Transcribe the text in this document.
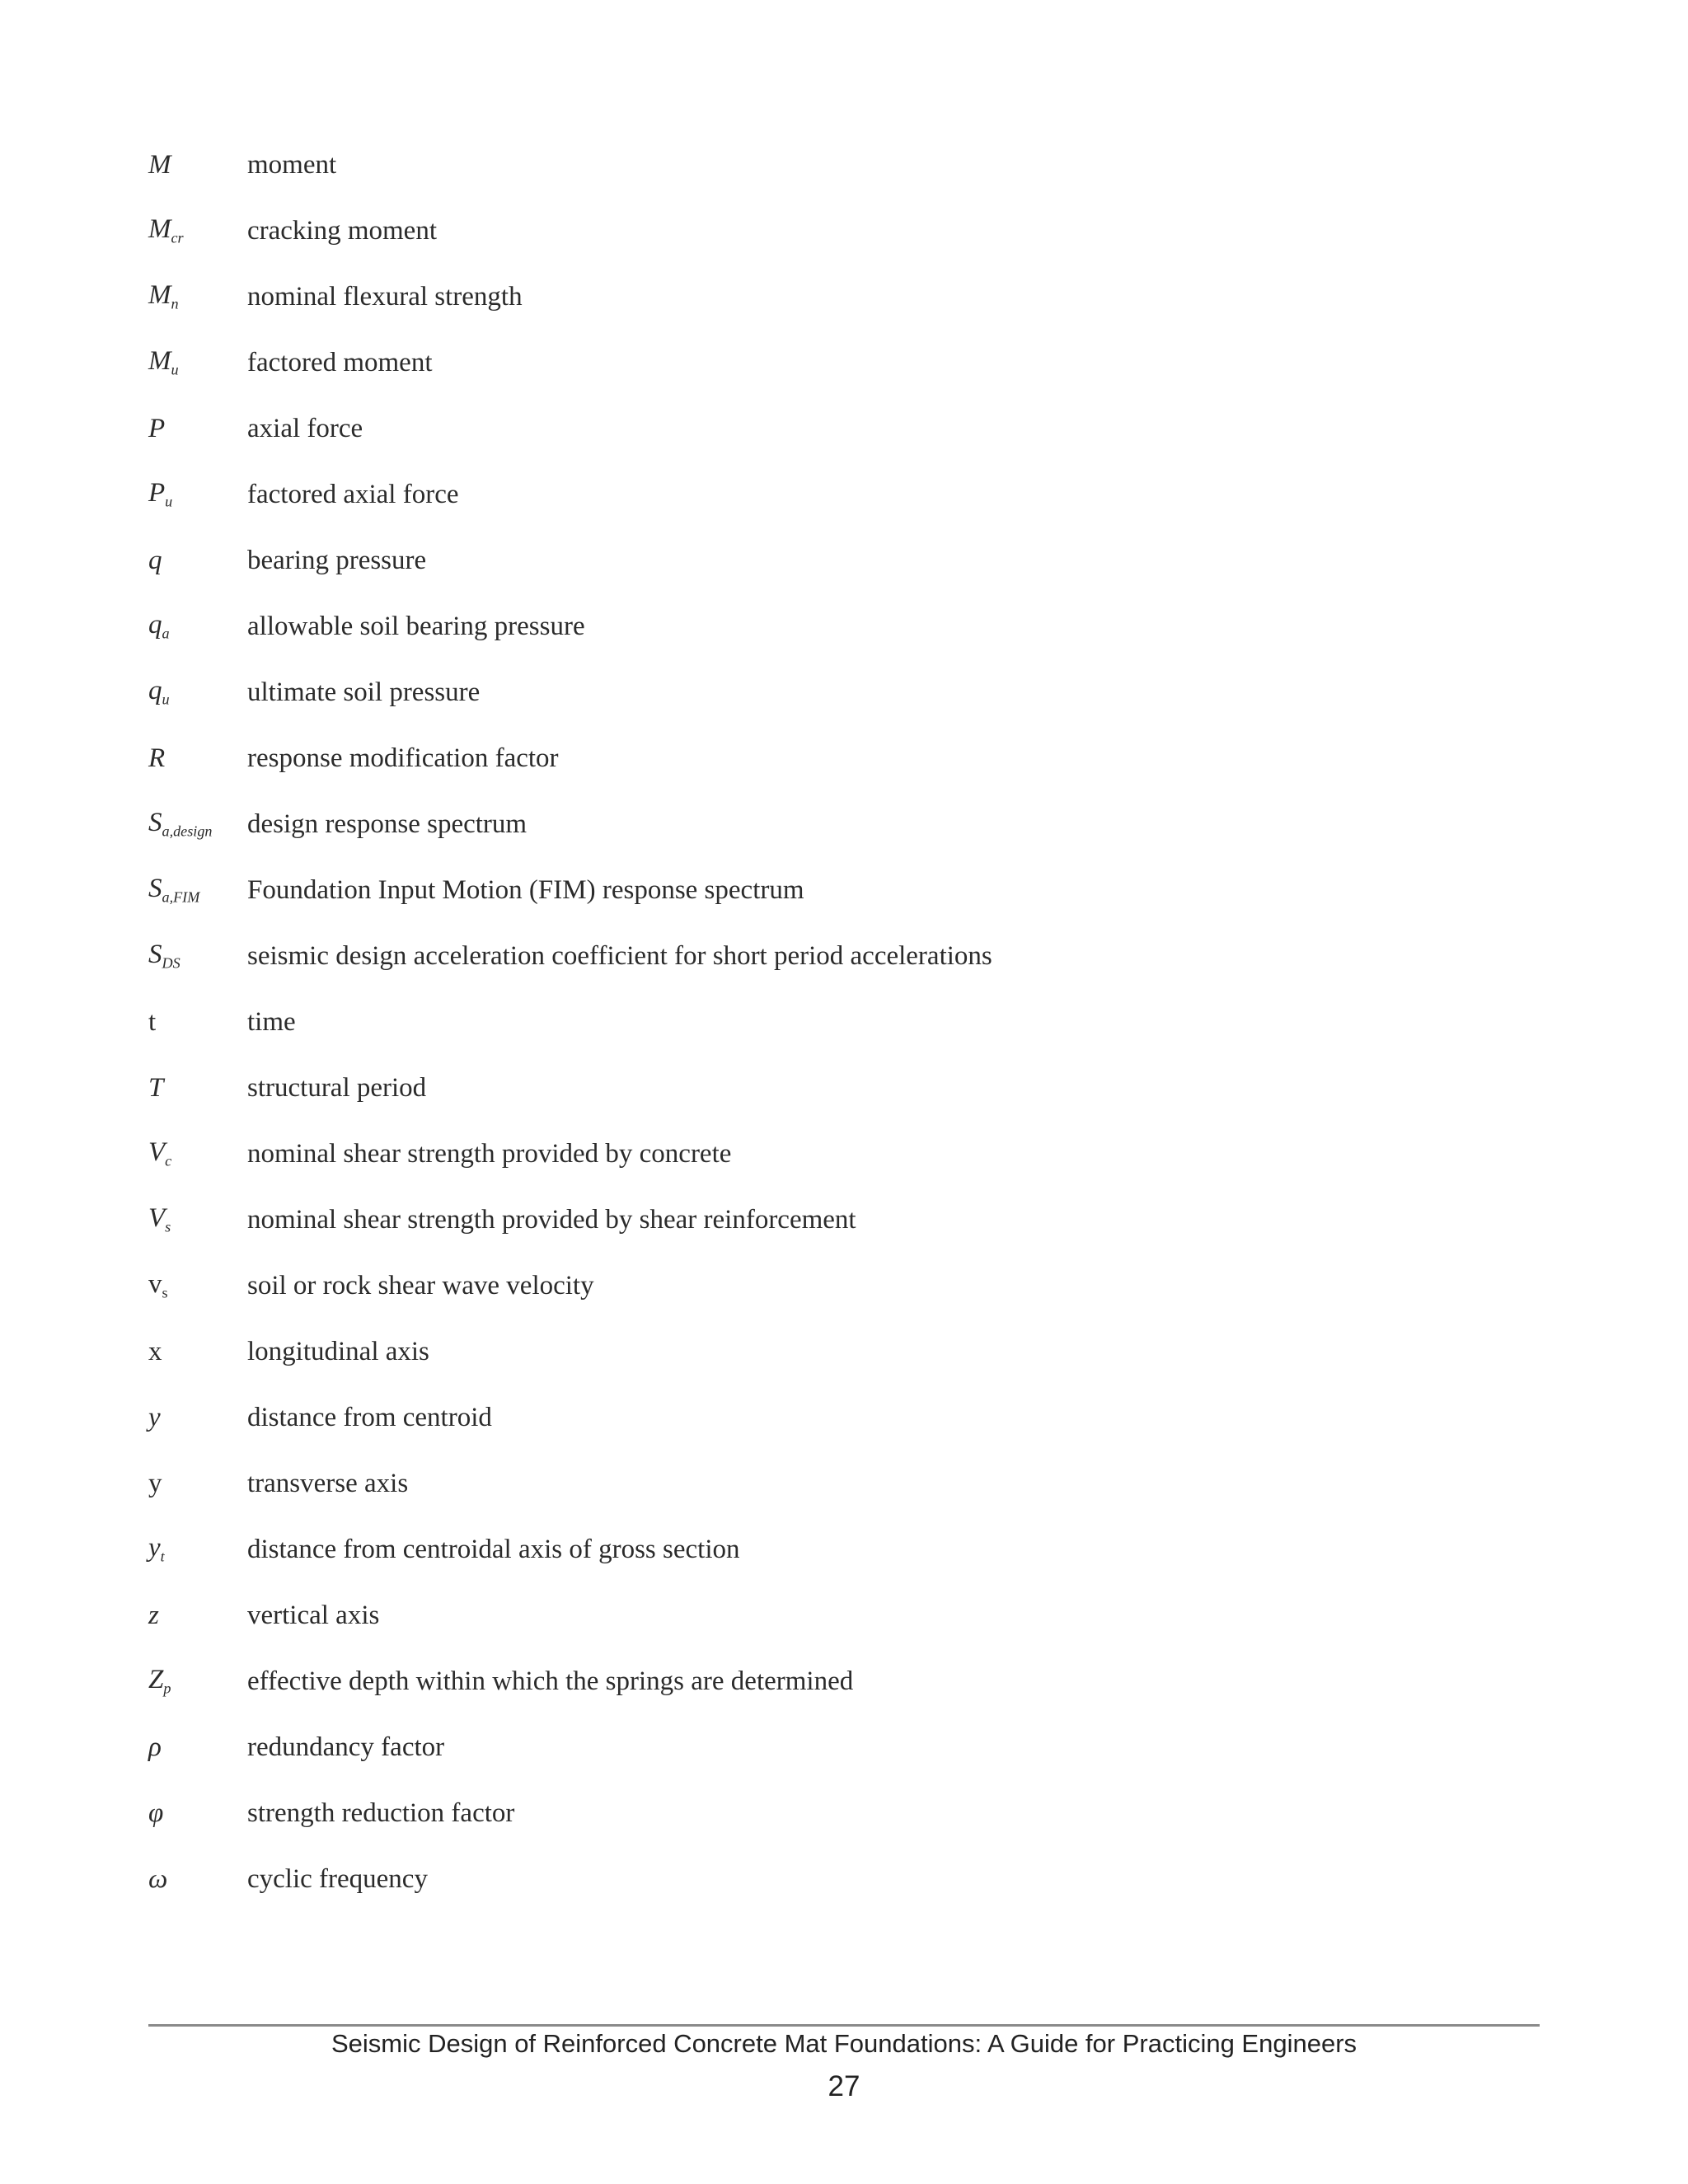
M	moment
$M_{cr}$	cracking moment
$M_n$	nominal flexural strength
$M_u$	factored moment
P	axial force
$P_u$	factored axial force
q	bearing pressure
$q_a$	allowable soil bearing pressure
$q_u$	ultimate soil pressure
R	response modification factor
$S_{a,design}$	design response spectrum
$S_{a,FIM}$	Foundation Input Motion (FIM) response spectrum
$S_{DS}$	seismic design acceleration coefficient for short period accelerations
t	time
T	structural period
$V_c$	nominal shear strength provided by concrete
$V_s$	nominal shear strength provided by shear reinforcement
$v_s$	soil or rock shear wave velocity
x	longitudinal axis
y	distance from centroid
y	transverse axis
$y_t$	distance from centroidal axis of gross section
z	vertical axis
$Z_p$	effective depth within which the springs are determined
ρ	redundancy factor
φ	strength reduction factor
ω	cyclic frequency
Seismic Design of Reinforced Concrete Mat Foundations: A Guide for Practicing Engineers
27
